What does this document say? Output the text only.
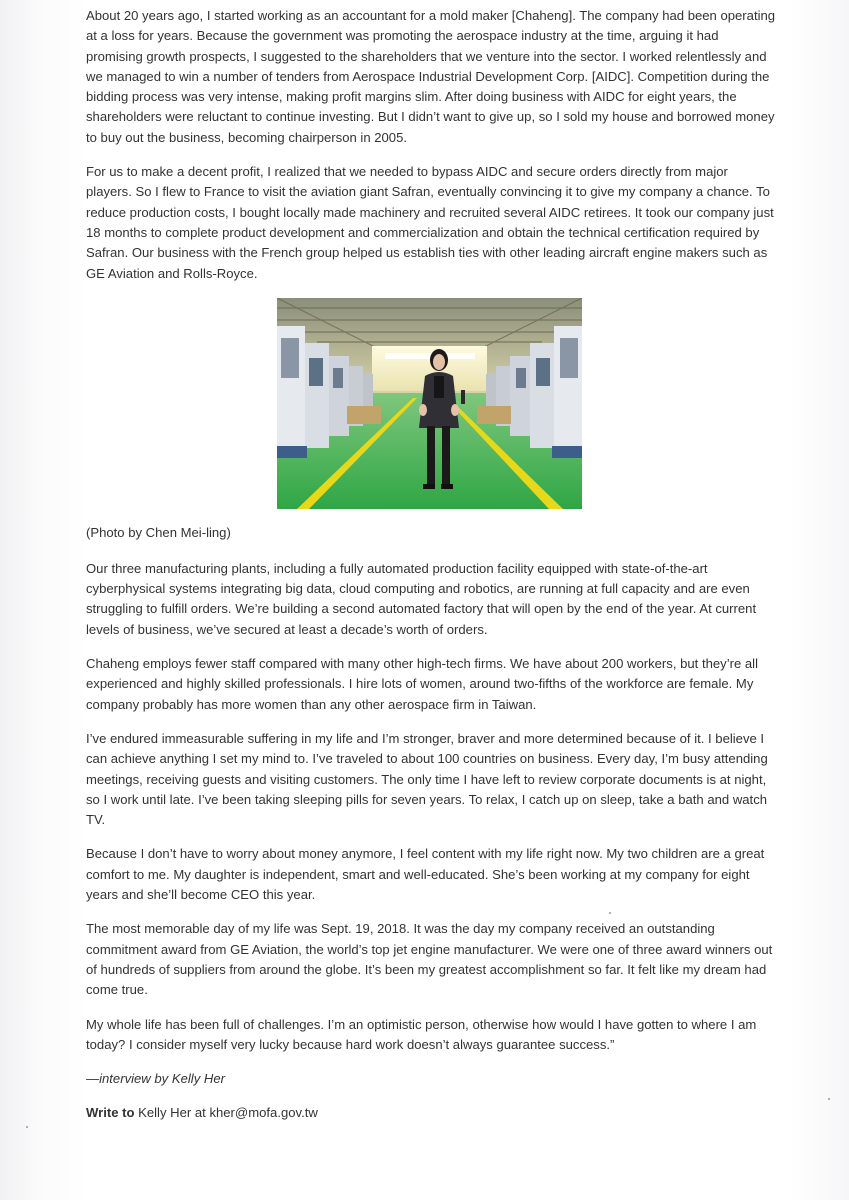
About 20 years ago, I started working as an accountant for a mold maker [Chaheng]. The company had been operating at a loss for years. Because the government was promoting the aerospace industry at the time, arguing it had promising growth prospects, I suggested to the shareholders that we venture into the sector. I worked relentlessly and we managed to win a number of tenders from Aerospace Industrial Development Corp. [AIDC]. Competition during the bidding process was very intense, making profit margins slim. After doing business with AIDC for eight years, the shareholders were reluctant to continue investing. But I didn’t want to give up, so I sold my house and borrowed money to buy out the business, becoming chairperson in 2005.

For us to make a decent profit, I realized that we needed to bypass AIDC and secure orders directly from major players. So I flew to France to visit the aviation giant Safran, eventually convincing it to give my company a chance. To reduce production costs, I bought locally made machinery and recruited several AIDC retirees. It took our company just 18 months to complete product development and commercialization and obtain the technical certification required by Safran. Our business with the French group helped us establish ties with other leading aircraft engine makers such as GE Aviation and Rolls-Royce.

(Photo by Chen Mei-ling)

Our three manufacturing plants, including a fully automated production facility equipped with state-of-the-art cyberphysical systems integrating big data, cloud computing and robotics, are running at full capacity and are even struggling to fulfill orders. We’re building a second automated factory that will open by the end of the year. At current levels of business, we’ve secured at least a decade’s worth of orders.

Chaheng employs fewer staff compared with many other high-tech firms. We have about 200 workers, but they’re all experienced and highly skilled professionals. I hire lots of women, around two-fifths of the workforce are female. My company probably has more women than any other aerospace firm in Taiwan.

I’ve endured immeasurable suffering in my life and I’m stronger, braver and more determined because of it. I believe I can achieve anything I set my mind to. I’ve traveled to about 100 countries on business. Every day, I’m busy attending meetings, receiving guests and visiting customers. The only time I have left to review corporate documents is at night, so I work until late. I’ve been taking sleeping pills for seven years. To relax, I catch up on sleep, take a bath and watch TV.

Because I don’t have to worry about money anymore, I feel content with my life right now. My two children are a great comfort to me. My daughter is independent, smart and well-educated. She’s been working at my company for eight years and she’ll become CEO this year.

The most memorable day of my life was Sept. 19, 2018. It was the day my company received an outstanding commitment award from GE Aviation, the world’s top jet engine manufacturer. We were one of three award winners out of hundreds of suppliers from around the globe. It’s been my greatest accomplishment so far. It felt like my dream had come true.

My whole life has been full of challenges. I’m an optimistic person, otherwise how would I have gotten to where I am today? I consider myself very lucky because hard work doesn’t always guarantee success.”

—interview by Kelly Her

Write to Kelly Her at kher@mofa.gov.tw
